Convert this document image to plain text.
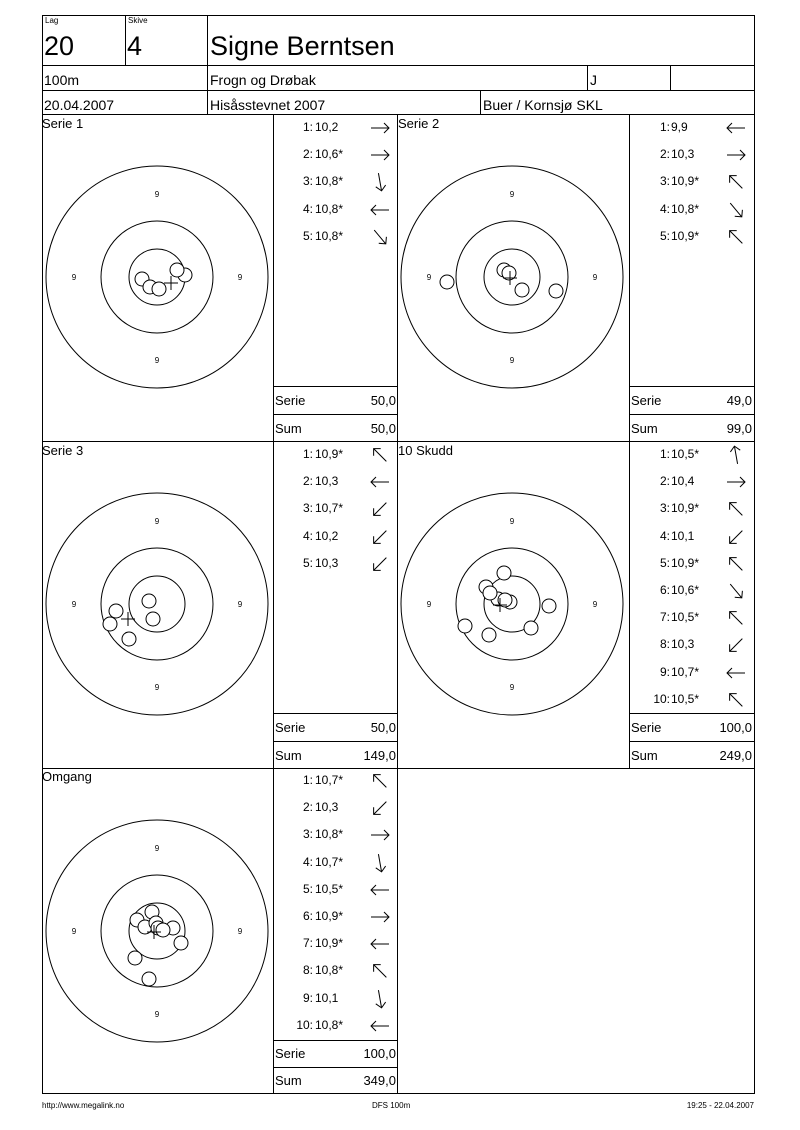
Lag
20
Skive
4	Signe Berntsen
100m	Frogn og Drøbak	J
20.04.2007	Hisåsstevnet 2007	Buer / Kornsjø SKL
Serie 1
9
9
9	9
1: 10,2
2: 10,6*
3: 10,8*
4: 10,8*
5: 10,8*
Serie	50,0
Sum	50,0
Serie 2
9
9
9	9
1: 9,9
2: 10,3
3: 10,9*
4: 10,8*
5: 10,9*
Serie	49,0
Sum	99,0
Serie 3
9
9
9	9
1: 10,9*
2: 10,3
3: 10,7*
4: 10,2
5: 10,3
Serie	50,0
Sum	149,0
10 Skudd
9
9
9	9
1: 10,5*
2: 10,4
3: 10,9*
4: 10,1
5: 10,9*
6: 10,6*
7: 10,5*
8: 10,3
9: 10,7*
10: 10,5*
Serie	100,0
Sum	249,0
Omgang
9
9
9	9
1: 10,7*
2: 10,3
3: 10,8*
4: 10,7*
5: 10,5*
6: 10,9*
7: 10,9*
8: 10,8*
9: 10,1
10: 10,8*
Serie	100,0
Sum	349,0
http://www.megalink.no	DFS 100m	19:25 - 22.04.2007
